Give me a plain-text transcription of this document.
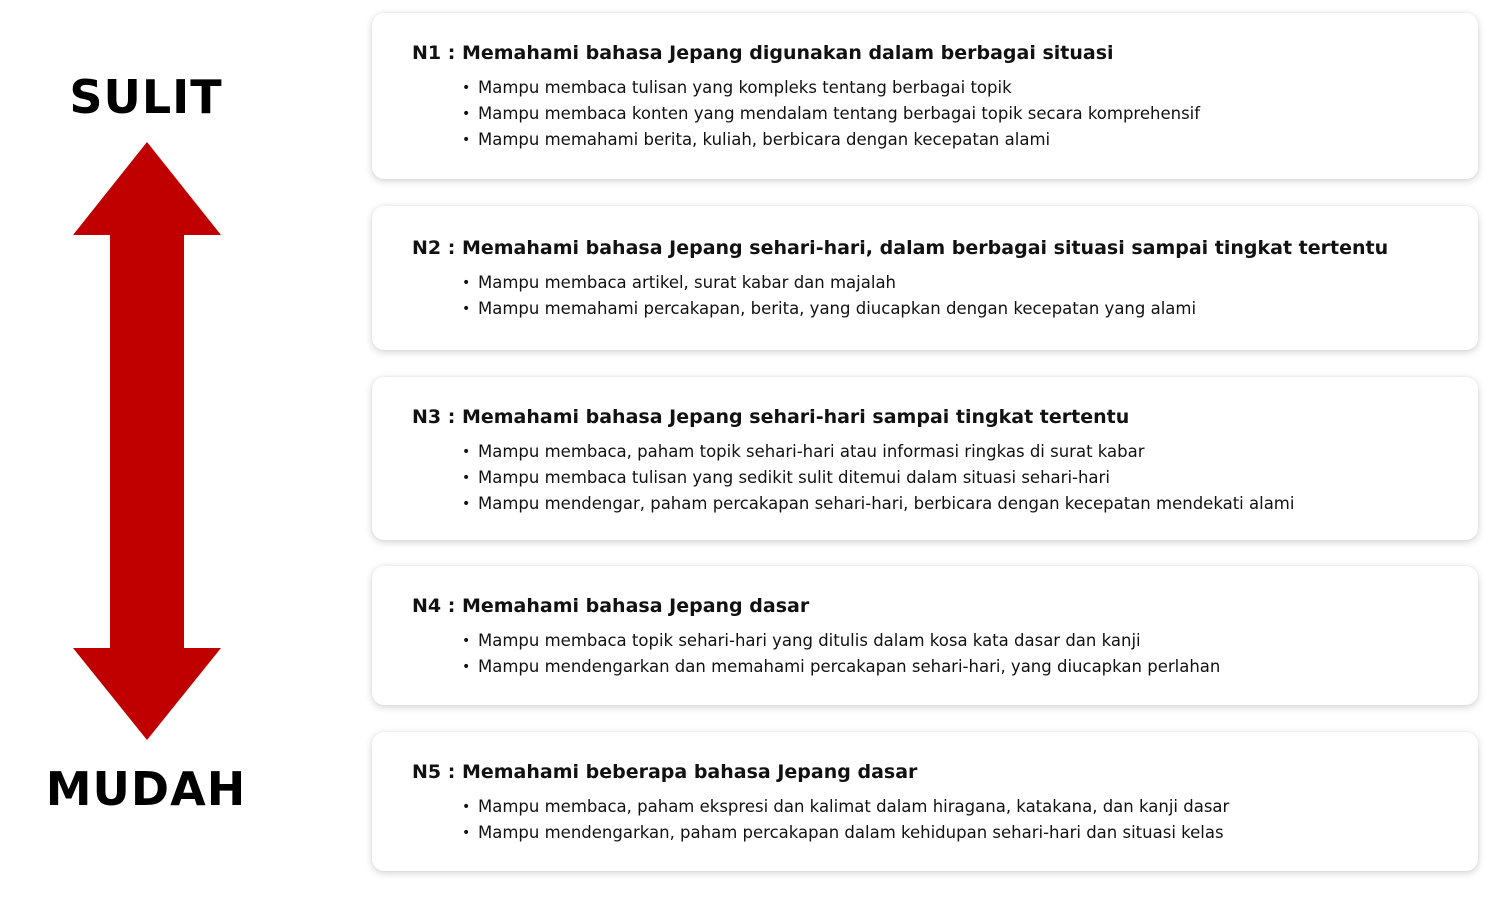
SULIT
MUDAH
N1 : Memahami bahasa Jepang digunakan dalam berbagai situasi
• Mampu membaca tulisan yang kompleks tentang berbagai topik
• Mampu membaca konten yang mendalam tentang berbagai topik secara komprehensif
• Mampu memahami berita, kuliah, berbicara dengan kecepatan alami
N2 : Memahami bahasa Jepang sehari-hari, dalam berbagai situasi sampai tingkat tertentu
• Mampu membaca artikel, surat kabar dan majalah
• Mampu memahami percakapan, berita, yang diucapkan dengan kecepatan yang alami
N3 : Memahami bahasa Jepang sehari-hari sampai tingkat tertentu
• Mampu membaca, paham topik sehari-hari atau informasi ringkas di surat kabar
• Mampu membaca tulisan yang sedikit sulit ditemui dalam situasi sehari-hari
• Mampu mendengar, paham percakapan sehari-hari, berbicara dengan kecepatan mendekati alami
N4 : Memahami bahasa Jepang dasar
• Mampu membaca topik sehari-hari yang ditulis dalam kosa kata dasar dan kanji
• Mampu mendengarkan dan memahami percakapan sehari-hari, yang diucapkan perlahan
N5 : Memahami beberapa bahasa Jepang dasar
• Mampu membaca, paham ekspresi dan kalimat dalam hiragana, katakana, dan kanji dasar
• Mampu mendengarkan, paham percakapan dalam kehidupan sehari-hari dan situasi kelas
